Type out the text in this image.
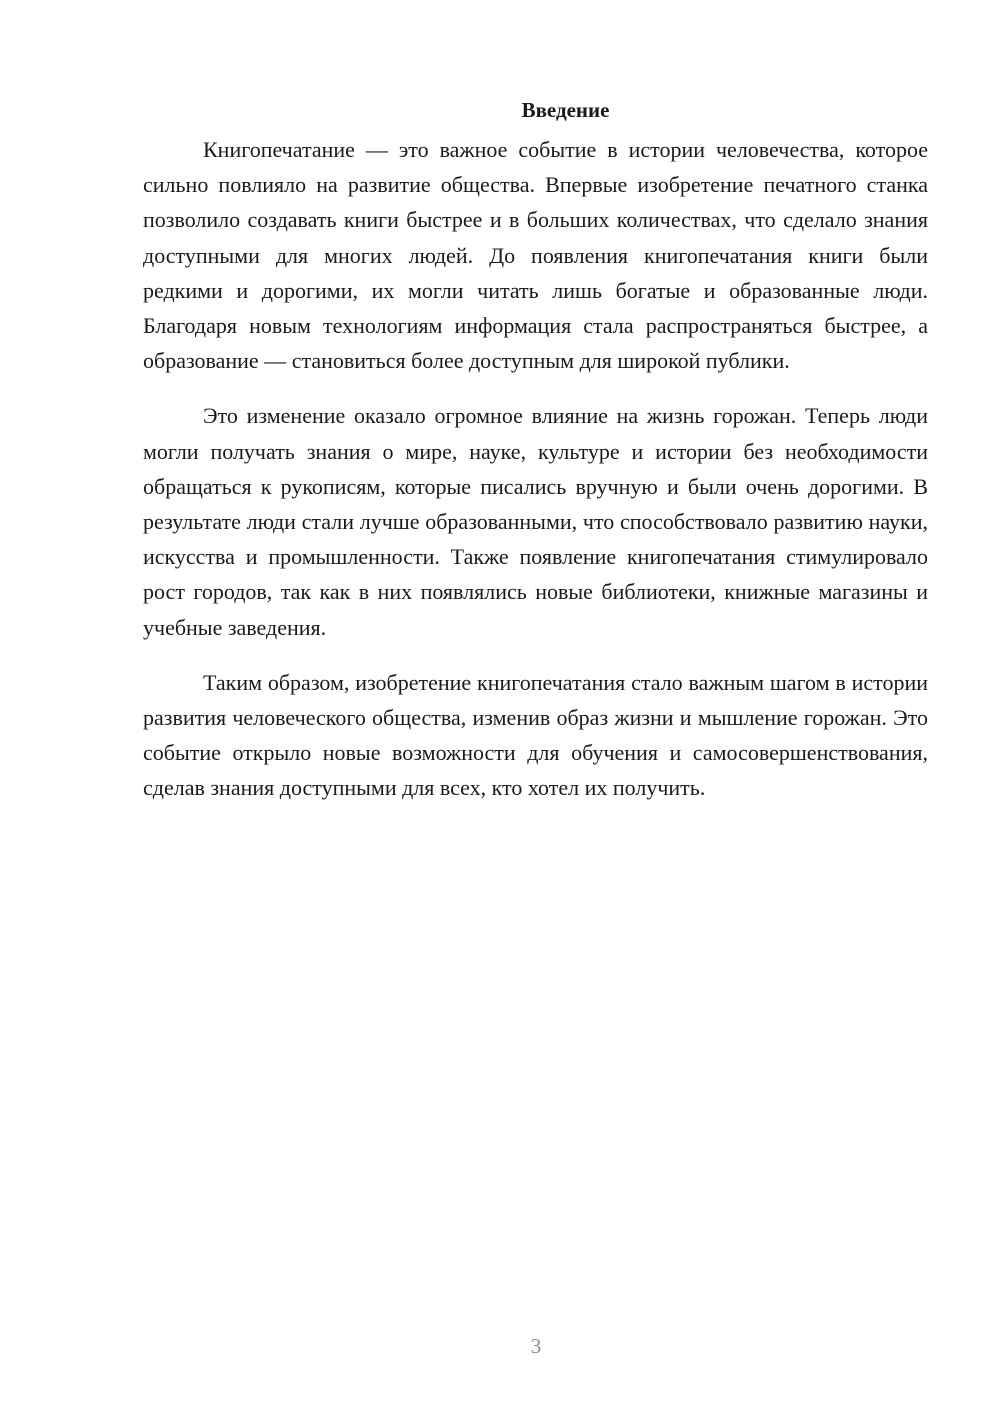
Введение

Книгопечатание — это важное событие в истории человечества, которое сильно повлияло на развитие общества. Впервые изобретение печатного станка позволило создавать книги быстрее и в больших количествах, что сделало знания доступными для многих людей. До появления книгопечатания книги были редкими и дорогими, их могли читать лишь богатые и образованные люди. Благодаря новым технологиям информация стала распространяться быстрее, а образование — становиться более доступным для широкой публики.

Это изменение оказало огромное влияние на жизнь горожан. Теперь люди могли получать знания о мире, науке, культуре и истории без необходимости обращаться к рукописям, которые писались вручную и были очень дорогими. В результате люди стали лучше образованными, что способствовало развитию науки, искусства и промышленности. Также появление книгопечатания стимулировало рост городов, так как в них появлялись новые библиотеки, книжные магазины и учебные заведения.

Таким образом, изобретение книгопечатания стало важным шагом в истории развития человеческого общества, изменив образ жизни и мышление горожан. Это событие открыло новые возможности для обучения и самосовершенствования, сделав знания доступными для всех, кто хотел их получить.

3
